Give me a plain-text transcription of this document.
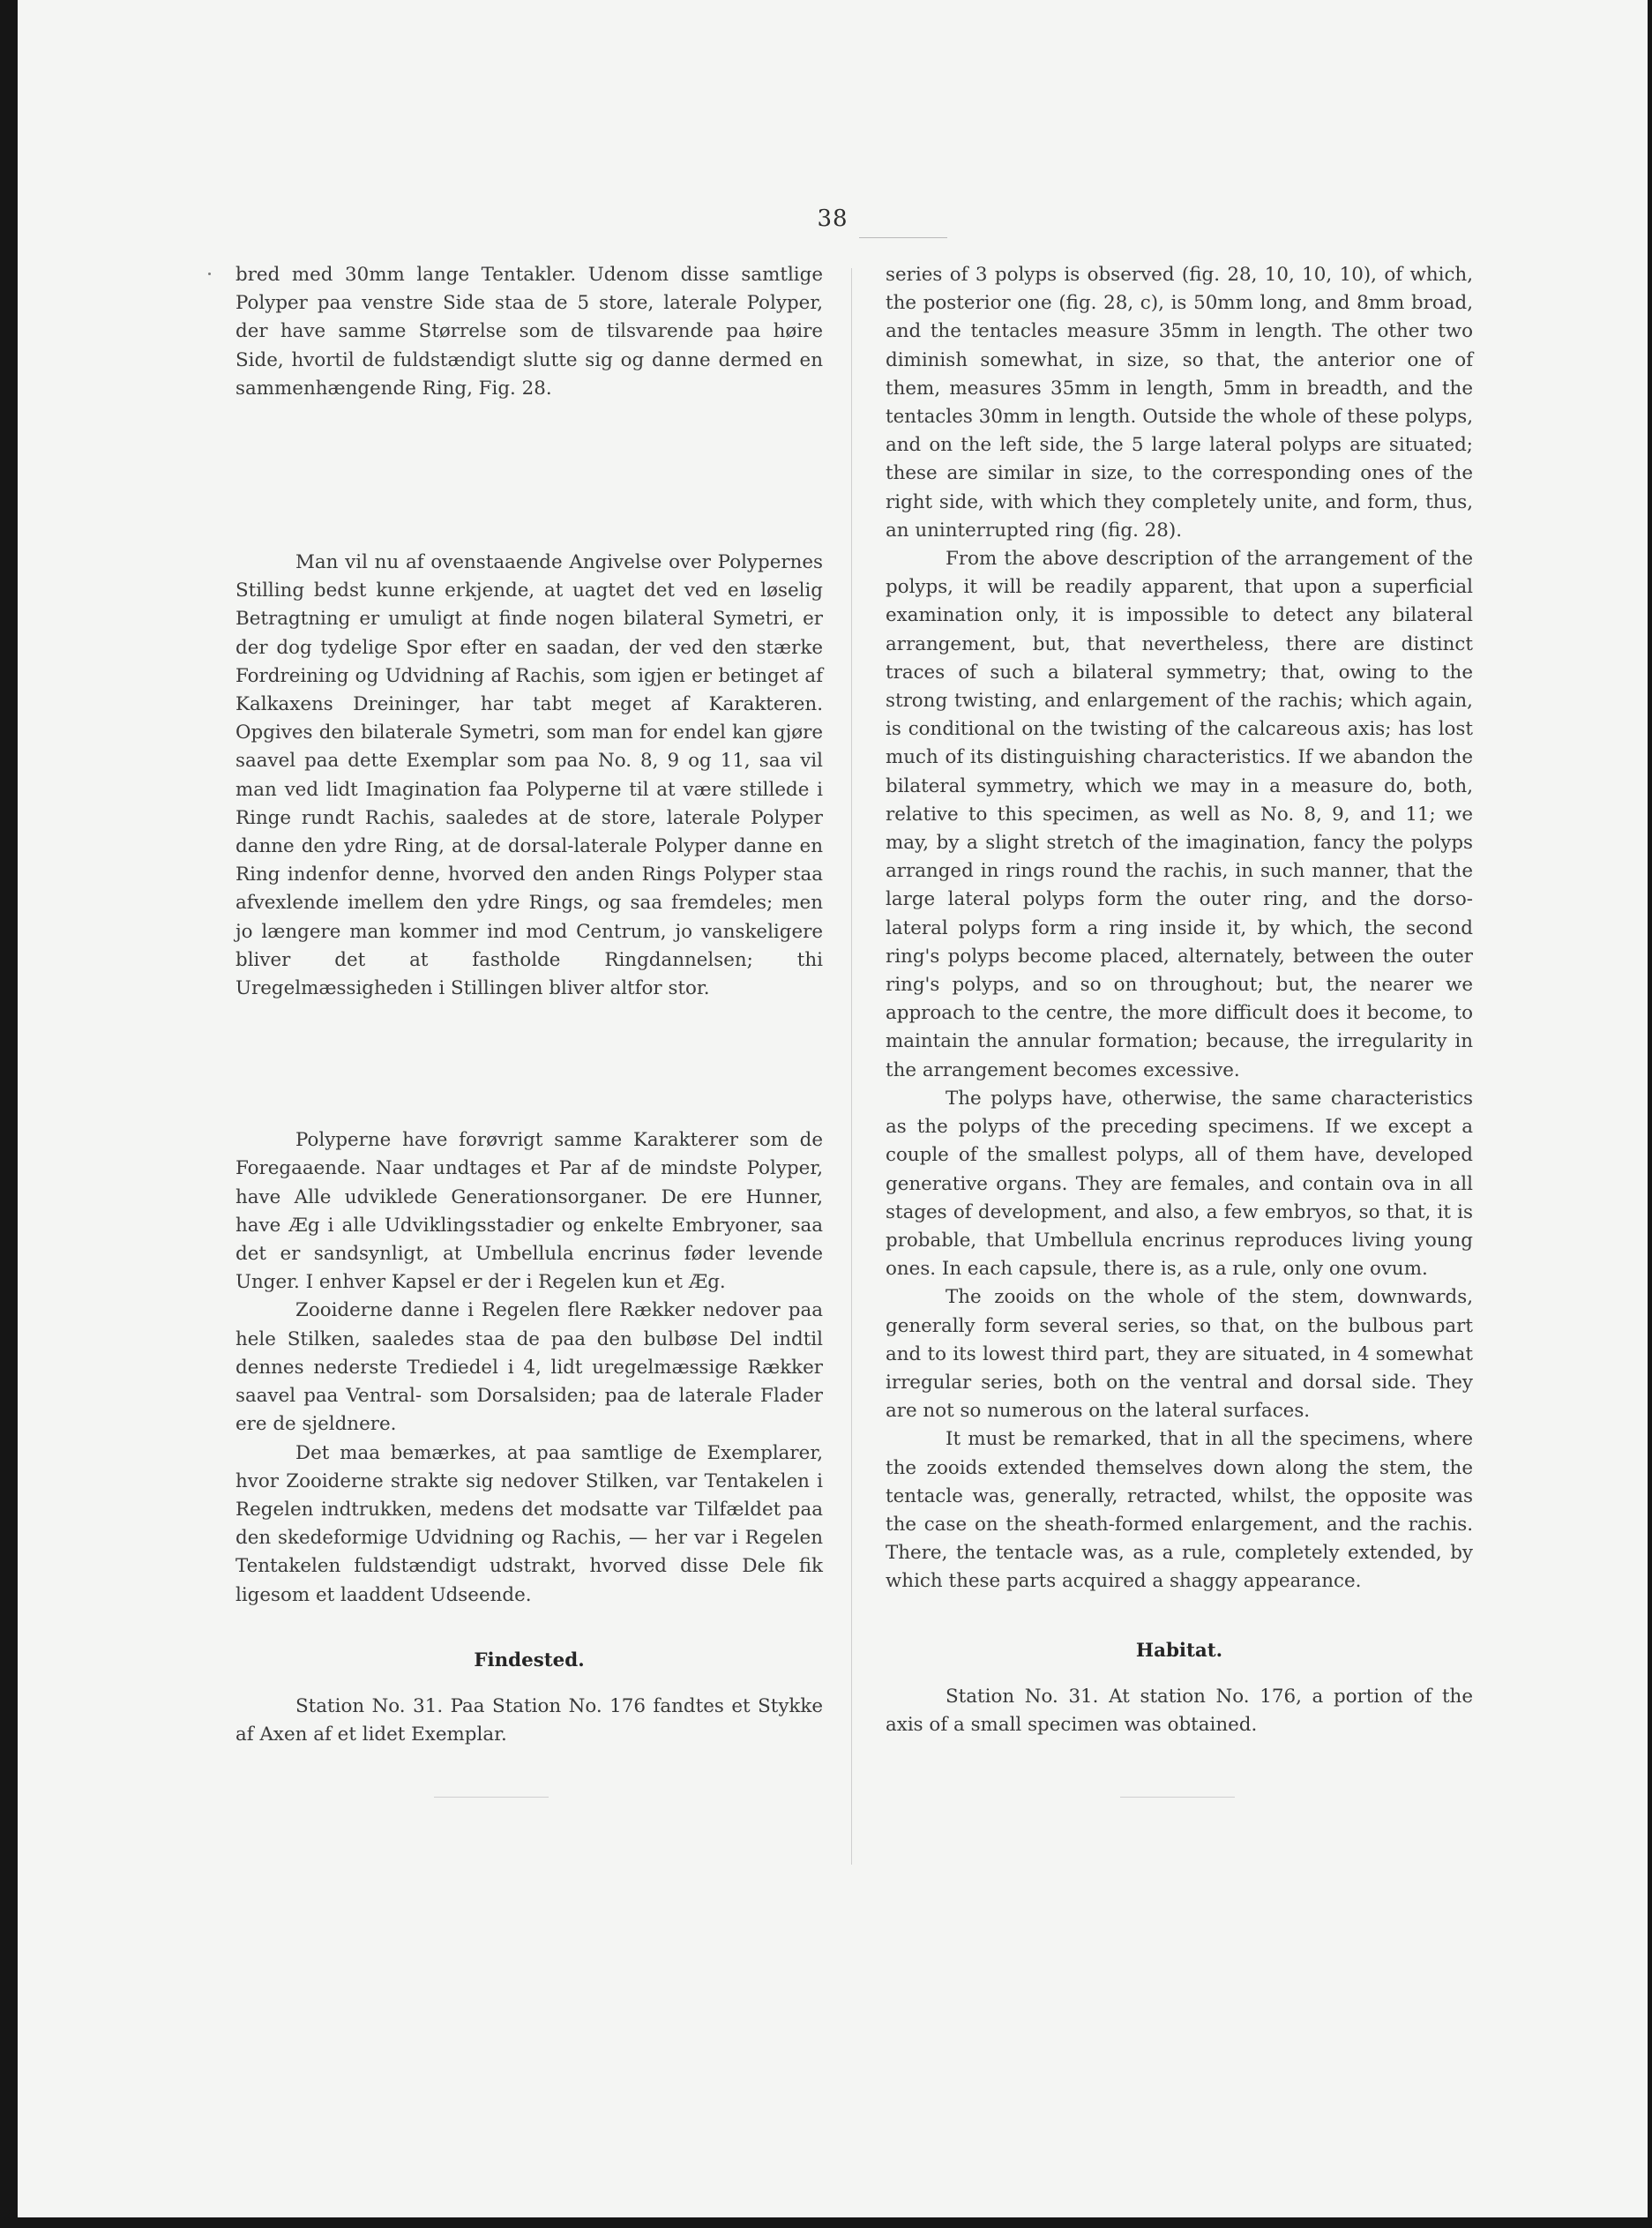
38

bred med 30mm lange Tentakler. Udenom disse samtlige Polyper paa venstre Side staa de 5 store, laterale Polyper, der have samme Størrelse som de tilsvarende paa høire Side, hvortil de fuldstændigt slutte sig og danne dermed en sammenhængende Ring, Fig. 28.

Man vil nu af ovenstaaende Angivelse over Polypernes Stilling bedst kunne erkjende, at uagtet det ved en løselig Betragtning er umuligt at finde nogen bilateral Symetri, er der dog tydelige Spor efter en saadan, der ved den stærke Fordreining og Udvidning af Rachis, som igjen er betinget af Kalkaxens Dreininger, har tabt meget af Karakteren. Opgives den bilaterale Symetri, som man for endel kan gjøre saavel paa dette Exemplar som paa No. 8, 9 og 11, saa vil man ved lidt Imagination faa Polyperne til at være stillede i Ringe rundt Rachis, saaledes at de store, laterale Polyper danne den ydre Ring, at de dorsal-laterale Polyper danne en Ring indenfor denne, hvorved den anden Rings Polyper staa afvexlende imellem den ydre Rings, og saa fremdeles; men jo længere man kommer ind mod Centrum, jo vanskeligere bliver det at fastholde Ringdannelsen; thi Uregelmæssigheden i Stillingen bliver altfor stor.

Polyperne have forøvrigt samme Karakterer som de Foregaaende. Naar undtages et Par af de mindste Polyper, have Alle udviklede Generationsorganer. De ere Hunner, have Æg i alle Udviklingsstadier og enkelte Embryoner, saa det er sandsynligt, at Umbellula encrinus føder levende Unger. I enhver Kapsel er der i Regelen kun et Æg.

Zooiderne danne i Regelen flere Rækker nedover paa hele Stilken, saaledes staa de paa den bulbøse Del indtil dennes nederste Trediedel i 4, lidt uregelmæssige Rækker saavel paa Ventral- som Dorsalsiden; paa de laterale Flader ere de sjeldnere.

Det maa bemærkes, at paa samtlige de Exemplarer, hvor Zooiderne strakte sig nedover Stilken, var Tentakelen i Regelen indtrukken, medens det modsatte var Tilfældet paa den skedeformige Udvidning og Rachis, — her var i Regelen Tentakelen fuldstændigt udstrakt, hvorved disse Dele fik ligesom et laaddent Udseende.

Findested.

Station No. 31. Paa Station No. 176 fandtes et Stykke af Axen af et lidet Exemplar.

series of 3 polyps is observed (fig. 28, 10, 10, 10), of which, the posterior one (fig. 28, c), is 50mm long, and 8mm broad, and the tentacles measure 35mm in length. The other two diminish somewhat, in size, so that, the anterior one of them, measures 35mm in length, 5mm in breadth, and the tentacles 30mm in length. Outside the whole of these polyps, and on the left side, the 5 large lateral polyps are situated; these are similar in size, to the corresponding ones of the right side, with which they completely unite, and form, thus, an uninterrupted ring (fig. 28).

From the above description of the arrangement of the polyps, it will be readily apparent, that upon a superficial examination only, it is impossible to detect any bilateral arrangement, but, that nevertheless, there are distinct traces of such a bilateral symmetry; that, owing to the strong twisting, and enlargement of the rachis; which again, is conditional on the twisting of the calcareous axis; has lost much of its distinguishing characteristics. If we abandon the bilateral symmetry, which we may in a measure do, both, relative to this specimen, as well as No. 8, 9, and 11; we may, by a slight stretch of the imagination, fancy the polyps arranged in rings round the rachis, in such manner, that the large lateral polyps form the outer ring, and the dorso-lateral polyps form a ring inside it, by which, the second ring's polyps become placed, alternately, between the outer ring's polyps, and so on throughout; but, the nearer we approach to the centre, the more difficult does it become, to maintain the annular formation; because, the irregularity in the arrangement becomes excessive.

The polyps have, otherwise, the same characteristics as the polyps of the preceding specimens. If we except a couple of the smallest polyps, all of them have, developed generative organs. They are females, and contain ova in all stages of development, and also, a few embryos, so that, it is probable, that Umbellula encrinus reproduces living young ones. In each capsule, there is, as a rule, only one ovum.

The zooids on the whole of the stem, downwards, generally form several series, so that, on the bulbous part and to its lowest third part, they are situated, in 4 somewhat irregular series, both on the ventral and dorsal side. They are not so numerous on the lateral surfaces.

It must be remarked, that in all the specimens, where the zooids extended themselves down along the stem, the tentacle was, generally, retracted, whilst, the opposite was the case on the sheath-formed enlargement, and the rachis. There, the tentacle was, as a rule, completely extended, by which these parts acquired a shaggy appearance.

Habitat.

Station No. 31. At station No. 176, a portion of the axis of a small specimen was obtained.
